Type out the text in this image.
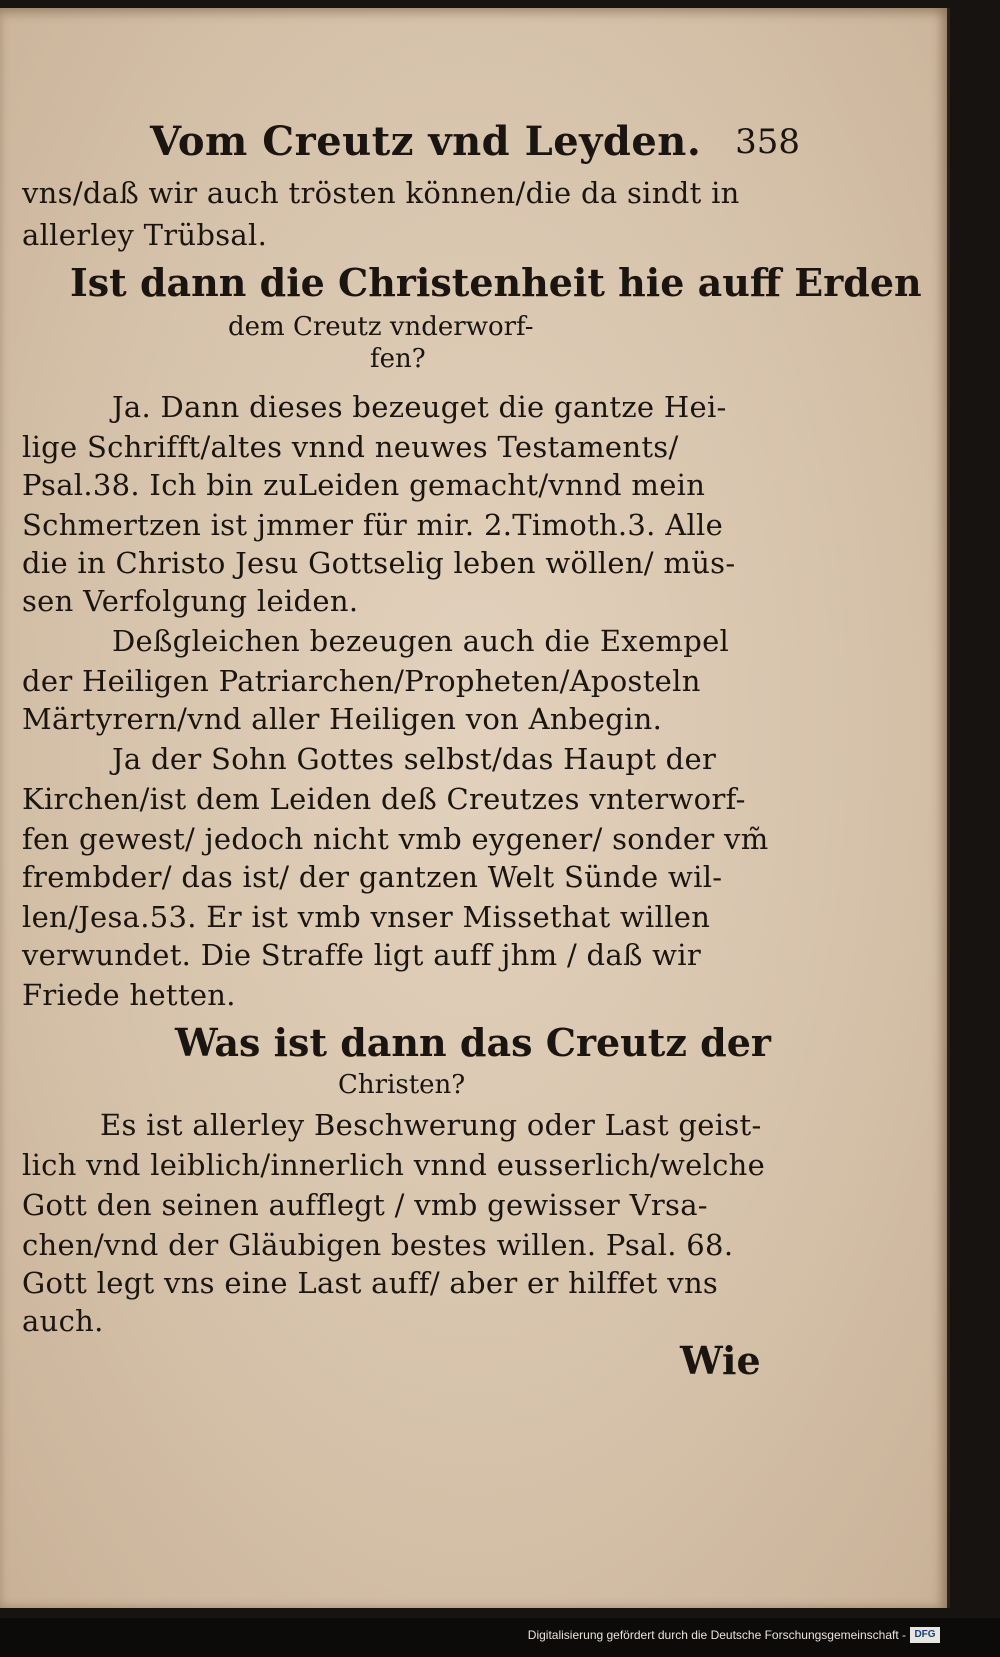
Vom Creutz vnd Leyden. 358
vns/daß wir auch trösten können/die da sindt in
allerley Trübsal.
Ist dann die Christenheit hie auff Erden
dem Creutz vnderworf-
fen?
Ja. Dann dieses bezeuget die gantze Hei-
lige Schrifft/altes vnnd neuwes Testaments/
Psal.38. Ich bin zuLeiden gemacht/vnnd mein
Schmertzen ist jmmer für mir. 2.Timoth.3. Alle
die in Christo Jesu Gottselig leben wöllen/ müs-
sen Verfolgung leiden.
Deßgleichen bezeugen auch die Exempel
der Heiligen Patriarchen/Propheten/Aposteln
Märtyrern/vnd aller Heiligen von Anbegin.
Ja der Sohn Gottes selbst/das Haupt der
Kirchen/ist dem Leiden deß Creutzes vnterworf-
fen gewest/ jedoch nicht vmb eygener/ sonder vm̃
frembder/ das ist/ der gantzen Welt Sünde wil-
len/Jesa.53. Er ist vmb vnser Missethat willen
verwundet. Die Straffe ligt auff jhm / daß wir
Friede hetten.
Was ist dann das Creutz der
Christen?
Es ist allerley Beschwerung oder Last geist-
lich vnd leiblich/innerlich vnnd eusserlich/welche
Gott den seinen aufflegt / vmb gewisser Vrsa-
chen/vnd der Gläubigen bestes willen. Psal. 68.
Gott legt vns eine Last auff/ aber er hilffet vns
auch.
Wie
Digitalisierung gefördert durch die Deutsche Forschungsgemeinschaft - DFG
